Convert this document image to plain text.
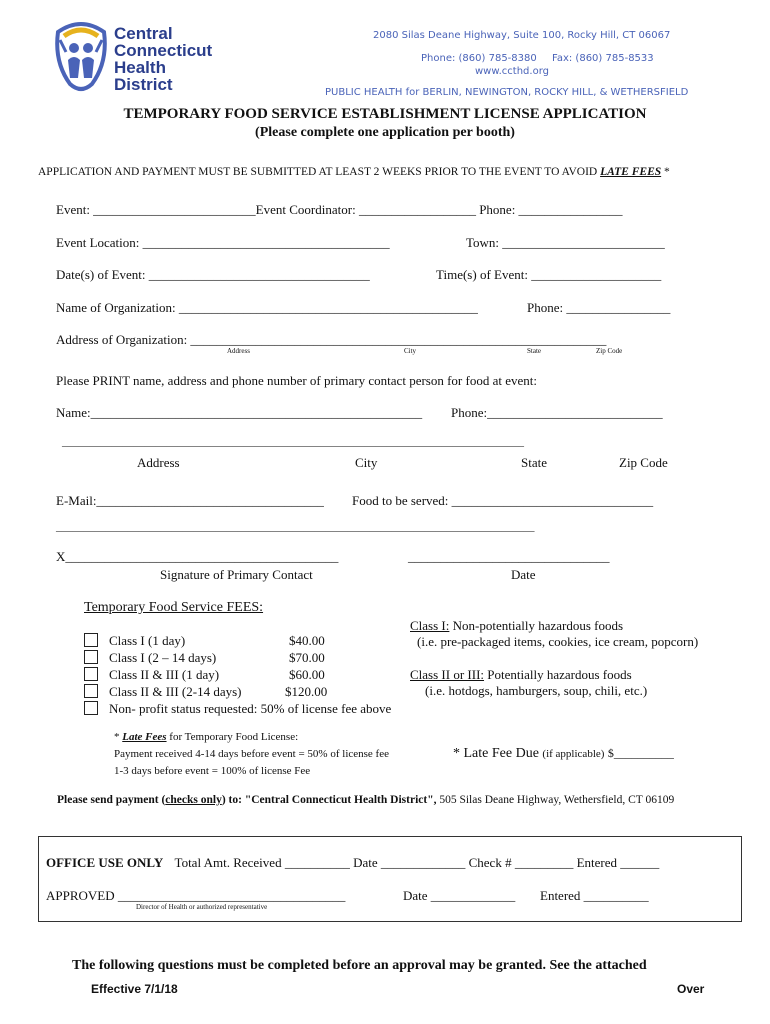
Central
Connecticut
Health
District
2080 Silas Deane Highway, Suite 100, Rocky Hill, CT 06067
Phone: (860) 785-8380 Fax: (860) 785-8533
www.ccthd.org
PUBLIC HEALTH for BERLIN, NEWINGTON, ROCKY HILL, & WETHERSFIELD
TEMPORARY FOOD SERVICE ESTABLISHMENT LICENSE APPLICATION
(Please complete one application per booth)
APPLICATION AND PAYMENT MUST BE SUBMITTED AT LEAST 2 WEEKS PRIOR TO THE EVENT TO AVOID LATE FEES *
Event: _________________________Event Coordinator: __________________ Phone: ________________
Event Location: ______________________________________	Town: _________________________
Date(s) of Event: __________________________________	Time(s) of Event: ____________________
Name of Organization: ______________________________________________	Phone: ________________
Address of Organization: ________________________________________________________________
Address	City	State	Zip Code
Please PRINT name, address and phone number of primary contact person for food at event:
Name:___________________________________________________ Phone:___________________________
____________________________________________________________________________________
Address	City	State	Zip Code
E-Mail:___________________________________ Food to be served: _______________________________
_______________________________________________________________________________________
X__________________________________________	_______________________________
Signature of Primary Contact	Date
Temporary Food Service FEES:
Class I (1 day)	$40.00
Class I (2 – 14 days)	$70.00
Class II & III (1 day)	$60.00
Class II & III (2-14 days)	$120.00
Non- profit status requested: 50% of license fee above
Class I: Non-potentially hazardous foods
(i.e. pre-packaged items, cookies, ice cream, popcorn)
Class II or III: Potentially hazardous foods
(i.e. hotdogs, hamburgers, soup, chili, etc.)
* Late Fees for Temporary Food License:
Payment received 4-14 days before event = 50% of license fee
1-3 days before event = 100% of license Fee
* Late Fee Due (if applicable) $__________
Please send payment (checks only) to: "Central Connecticut Health District", 505 Silas Deane Highway, Wethersfield, CT 06109
OFFICE USE ONLY Total Amt. Received __________ Date _____________ Check # _________ Entered ______
APPROVED ___________________________________	Date _____________ Entered __________
Director of Health or authorized representative
The following questions must be completed before an approval may be granted. See the attached
Effective 7/1/18	Over
